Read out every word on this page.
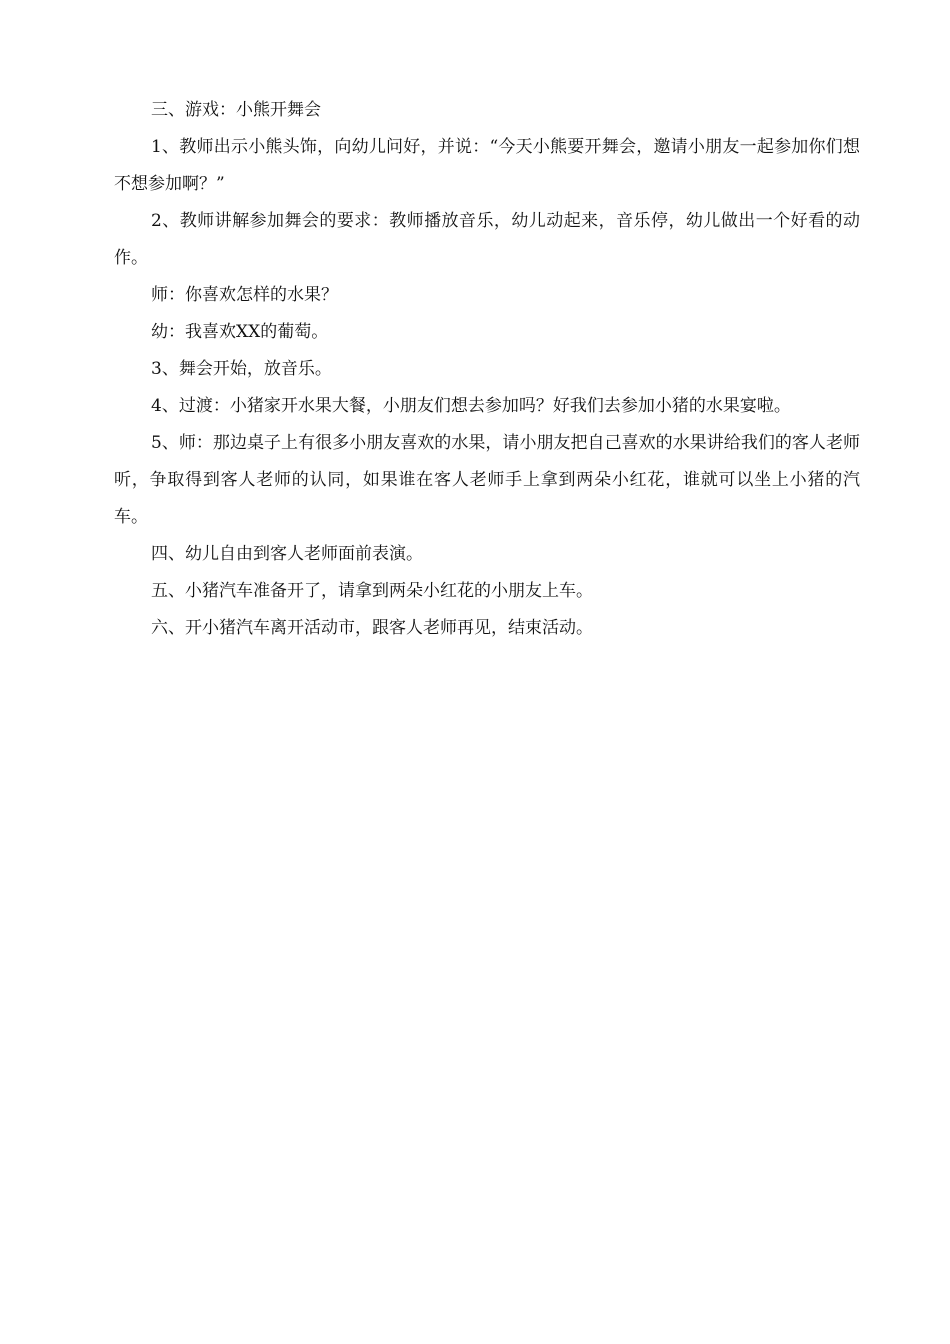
三、游戏：小熊开舞会

1、教师出示小熊头饰，向幼儿问好，并说：“今天小熊要开舞会，邀请小朋友一起参加你们想不想参加啊？”

2、教师讲解参加舞会的要求：教师播放音乐，幼儿动起来，音乐停，幼儿做出一个好看的动作。

师：你喜欢怎样的水果？

幼：我喜欢XX的葡萄。

3、舞会开始，放音乐。

4、过渡：小猪家开水果大餐，小朋友们想去参加吗？好我们去参加小猪的水果宴啦。

5、师：那边桌子上有很多小朋友喜欢的水果，请小朋友把自己喜欢的水果讲给我们的客人老师听，争取得到客人老师的认同，如果谁在客人老师手上拿到两朵小红花，谁就可以坐上小猪的汽车。

四、幼儿自由到客人老师面前表演。

五、小猪汽车准备开了，请拿到两朵小红花的小朋友上车。

六、开小猪汽车离开活动市，跟客人老师再见，结束活动。
